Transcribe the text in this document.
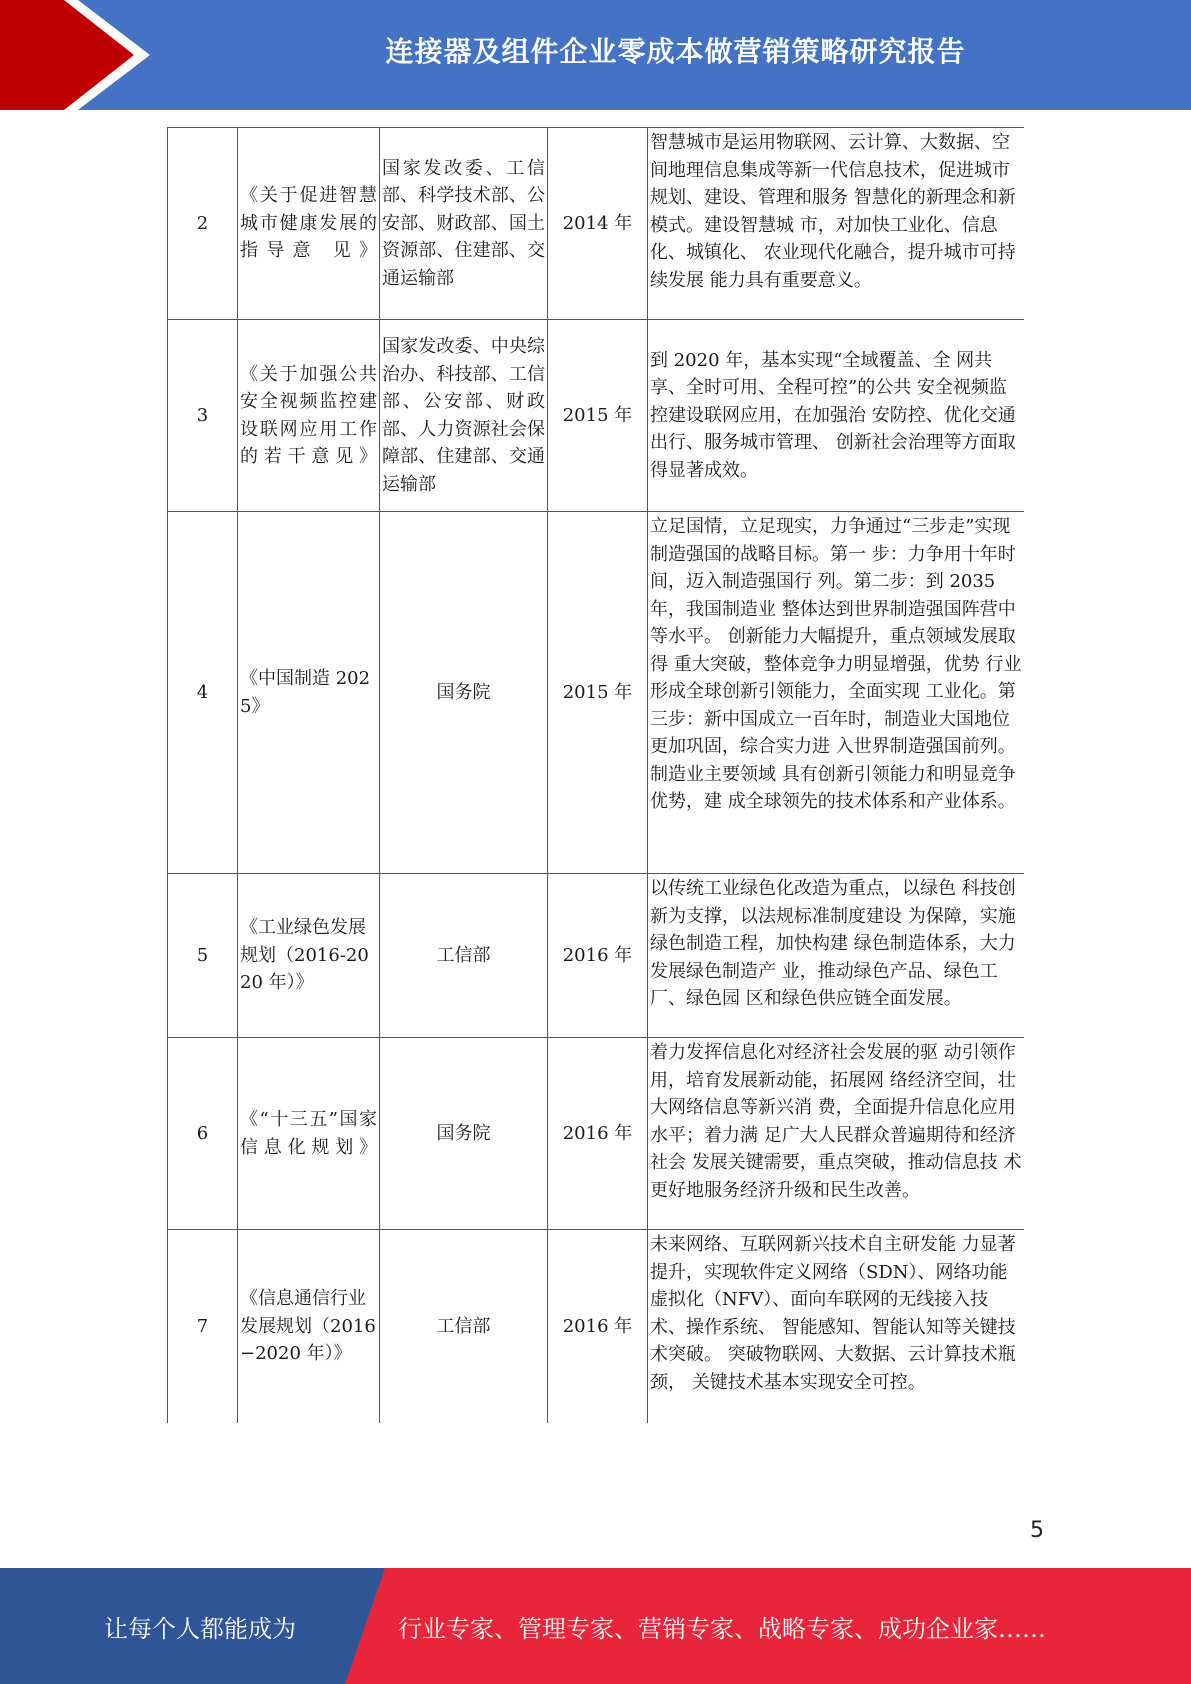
连接器及组件企业零成本做营销策略研究报告
2	《关于促进智慧城市健康发展的指导意 见》	国家发改委、工信部、科学技术部、公安部、财政部、国土资源部、住建部、交通运输部	2014 年	智慧城市是运用物联网、云计算、大数据、空间地理信息集成等新一代信息技术，促进城市规划、建设、管理和服务 智慧化的新理念和新模式。建设智慧城 市，对加快工业化、信息化、城镇化、 农业现代化融合，提升城市可持续发展 能力具有重要意义。
3	《关于加强公共安全视频监控建设联网应用工作的若干意见》	国家发改委、中央综治办、科技部、工信部、公安部、财政部、人力资源社会保障部、住建部、交通运输部	2015 年	到 2020 年，基本实现“全域覆盖、全 网共享、全时可用、全程可控”的公共 安全视频监控建设联网应用，在加强治 安防控、优化交通出行、服务城市管理、 创新社会治理等方面取得显著成效。
4	《中国制造 2025》	国务院	2015 年	立足国情，立足现实，力争通过“三步走”实现制造强国的战略目标。第一 步：力争用十年时间，迈入制造强国行 列。第二步：到 2035 年，我国制造业 整体达到世界制造强国阵营中等水平。 创新能力大幅提升，重点领域发展取得 重大突破，整体竞争力明显增强，优势 行业形成全球创新引领能力，全面实现 工业化。第三步：新中国成立一百年时，制造业大国地位更加巩固，综合实力进 入世界制造强国前列。制造业主要领域 具有创新引领能力和明显竞争优势，建 成全球领先的技术体系和产业体系。
5	《工业绿色发展规划（2016-2020 年）》	工信部	2016 年	以传统工业绿色化改造为重点，以绿色 科技创新为支撑，以法规标准制度建设 为保障，实施绿色制造工程，加快构建 绿色制造体系，大力发展绿色制造产 业，推动绿色产品、绿色工厂、绿色园 区和绿色供应链全面发展。
6	《“十三五”国家信息化规划》	国务院	2016 年	着力发挥信息化对经济社会发展的驱 动引领作用，培育发展新动能，拓展网 络经济空间，壮大网络信息等新兴消 费，全面提升信息化应用水平；着力满 足广大人民群众普遍期待和经济社会 发展关键需要，重点突破，推动信息技 术更好地服务经济升级和民生改善。
7	《信息通信行业发展规划（2016−2020 年）》	工信部	2016 年	未来网络、互联网新兴技术自主研发能 力显著提升，实现软件定义网络（SDN）、网络功能虚拟化（NFV）、面向车联网的无线接入技术、操作系统、 智能感知、智能认知等关键技术突破。 突破物联网、大数据、云计算技术瓶颈， 关键技术基本实现安全可控。
5
让每个人都能成为	行业专家、管理专家、营销专家、战略专家、成功企业家……
